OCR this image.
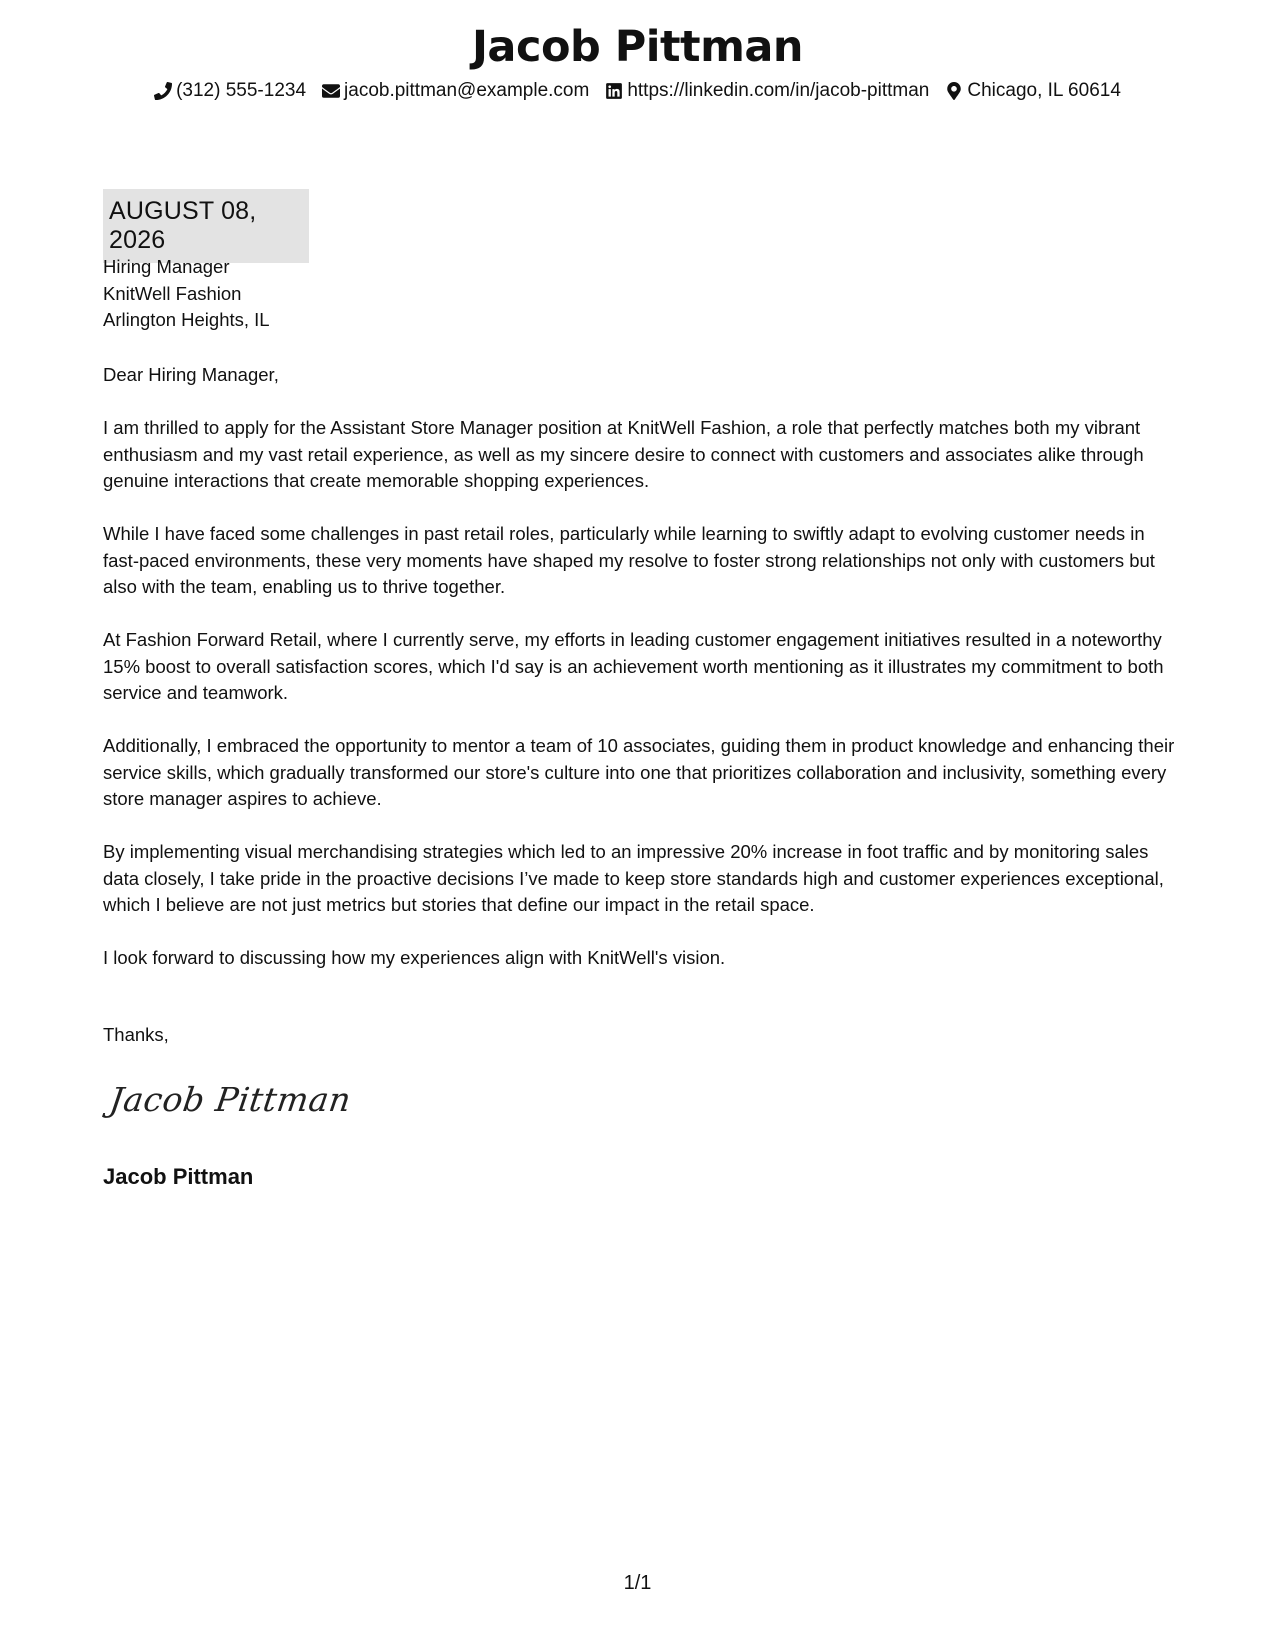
Jacob Pittman
(312) 555-1234 jacob.pittman@example.com https://linkedin.com/in/jacob-pittman Chicago, IL 60614
AUGUST 08, 2026
Hiring Manager
KnitWell Fashion
Arlington Heights, IL

Dear Hiring Manager,

I am thrilled to apply for the Assistant Store Manager position at KnitWell Fashion, a role that perfectly matches both my vibrant enthusiasm and my vast retail experience, as well as my sincere desire to connect with customers and associates alike through genuine interactions that create memorable shopping experiences.

While I have faced some challenges in past retail roles, particularly while learning to swiftly adapt to evolving customer needs in fast-paced environments, these very moments have shaped my resolve to foster strong relationships not only with customers but also with the team, enabling us to thrive together.

At Fashion Forward Retail, where I currently serve, my efforts in leading customer engagement initiatives resulted in a noteworthy 15% boost to overall satisfaction scores, which I'd say is an achievement worth mentioning as it illustrates my commitment to both service and teamwork.

Additionally, I embraced the opportunity to mentor a team of 10 associates, guiding them in product knowledge and enhancing their service skills, which gradually transformed our store's culture into one that prioritizes collaboration and inclusivity, something every store manager aspires to achieve.

By implementing visual merchandising strategies which led to an impressive 20% increase in foot traffic and by monitoring sales data closely, I take pride in the proactive decisions I’ve made to keep store standards high and customer experiences exceptional, which I believe are not just metrics but stories that define our impact in the retail space.

I look forward to discussing how my experiences align with KnitWell's vision.

Thanks,
Jacob Pittman
Jacob Pittman
1/1
